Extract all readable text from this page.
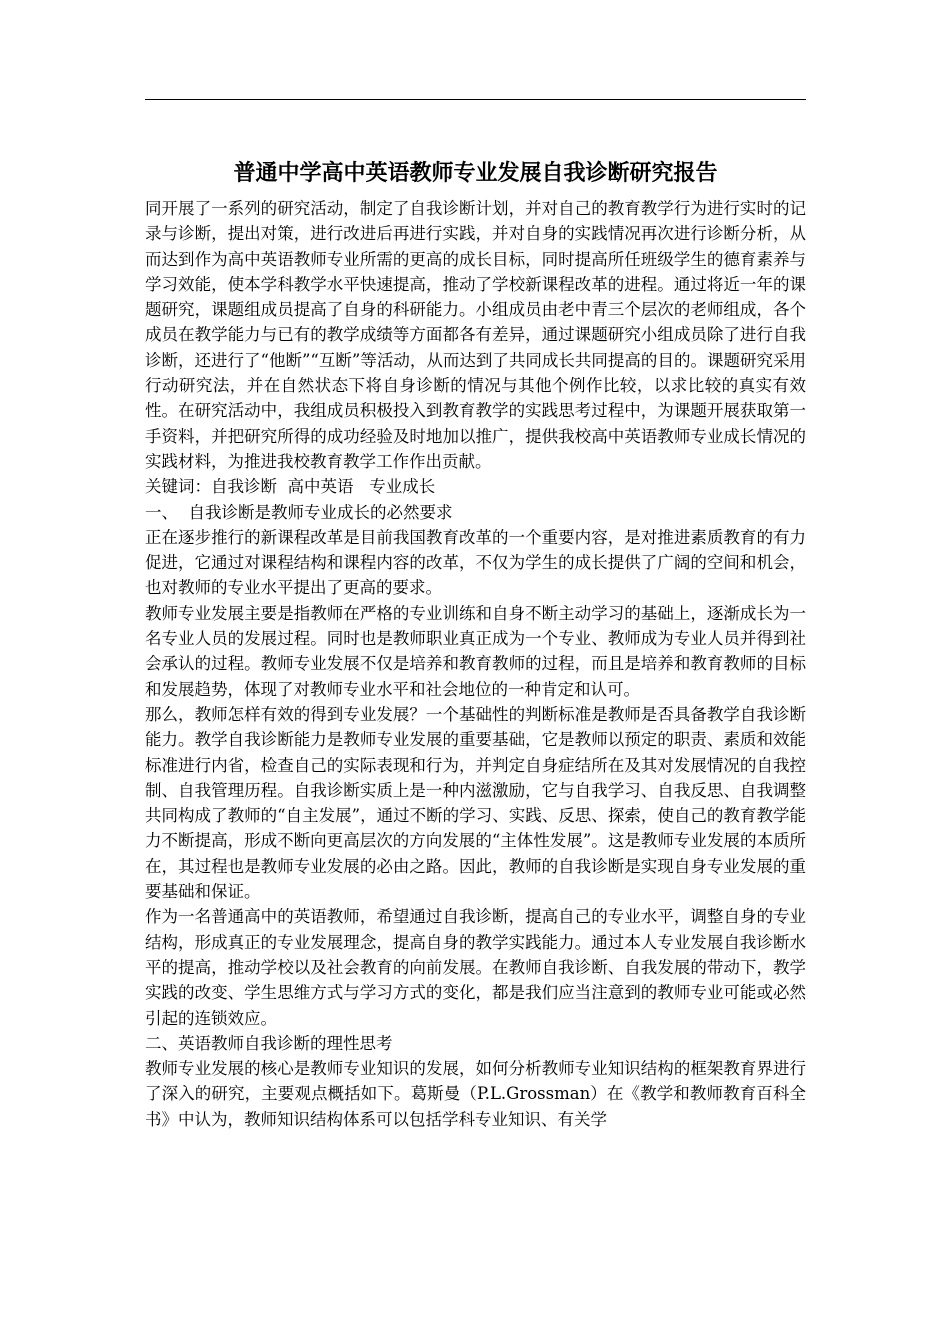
普通中学高中英语教师专业发展自我诊断研究报告

同开展了一系列的研究活动，制定了自我诊断计划，并对自己的教育教学行为进行实时的记录与诊断，提出对策，进行改进后再进行实践，并对自身的实践情况再次进行诊断分析，从而达到作为高中英语教师专业所需的更高的成长目标，同时提高所任班级学生的德育素养与学习效能，使本学科教学水平快速提高，推动了学校新课程改革的进程。通过将近一年的课题研究，课题组成员提高了自身的科研能力。小组成员由老中青三个层次的老师组成，各个成员在教学能力与已有的教学成绩等方面都各有差异，通过课题研究小组成员除了进行自我诊断，还进行了“他断”“互断”等活动，从而达到了共同成长共同提高的目的。课题研究采用行动研究法，并在自然状态下将自身诊断的情况与其他个例作比较，以求比较的真实有效性。在研究活动中，我组成员积极投入到教育教学的实践思考过程中，为课题开展获取第一手资料，并把研究所得的成功经验及时地加以推广，提供我校高中英语教师专业成长情况的实践材料，为推进我校教育教学工作作出贡献。

关键词：自我诊断  高中英语   专业成长

一、  自我诊断是教师专业成长的必然要求

正在逐步推行的新课程改革是目前我国教育改革的一个重要内容，是对推进素质教育的有力促进，它通过对课程结构和课程内容的改革，不仅为学生的成长提供了广阔的空间和机会，也对教师的专业水平提出了更高的要求。

教师专业发展主要是指教师在严格的专业训练和自身不断主动学习的基础上，逐渐成长为一名专业人员的发展过程。同时也是教师职业真正成为一个专业、教师成为专业人员并得到社会承认的过程。教师专业发展不仅是培养和教育教师的过程，而且是培养和教育教师的目标和发展趋势，体现了对教师专业水平和社会地位的一种肯定和认可。

那么，教师怎样有效的得到专业发展？一个基础性的判断标准是教师是否具备教学自我诊断能力。教学自我诊断能力是教师专业发展的重要基础，它是教师以预定的职责、素质和效能标准进行内省，检查自己的实际表现和行为，并判定自身症结所在及其对发展情况的自我控制、自我管理历程。自我诊断实质上是一种内滋激励，它与自我学习、自我反思、自我调整共同构成了教师的“自主发展”，通过不断的学习、实践、反思、探索，使自己的教育教学能力不断提高，形成不断向更高层次的方向发展的“主体性发展”。这是教师专业发展的本质所在，其过程也是教师专业发展的必由之路。因此，教师的自我诊断是实现自身专业发展的重要基础和保证。

作为一名普通高中的英语教师，希望通过自我诊断，提高自己的专业水平，调整自身的专业结构，形成真正的专业发展理念，提高自身的教学实践能力。通过本人专业发展自我诊断水平的提高，推动学校以及社会教育的向前发展。在教师自我诊断、自我发展的带动下，教学实践的改变、学生思维方式与学习方式的变化，都是我们应当注意到的教师专业可能或必然引起的连锁效应。

二、英语教师自我诊断的理性思考

教师专业发展的核心是教师专业知识的发展，如何分析教师专业知识结构的框架教育界进行了深入的研究，主要观点概括如下。葛斯曼（P.L.Grossman）在《教学和教师教育百科全书》中认为，教师知识结构体系可以包括学科专业知识、有关学
